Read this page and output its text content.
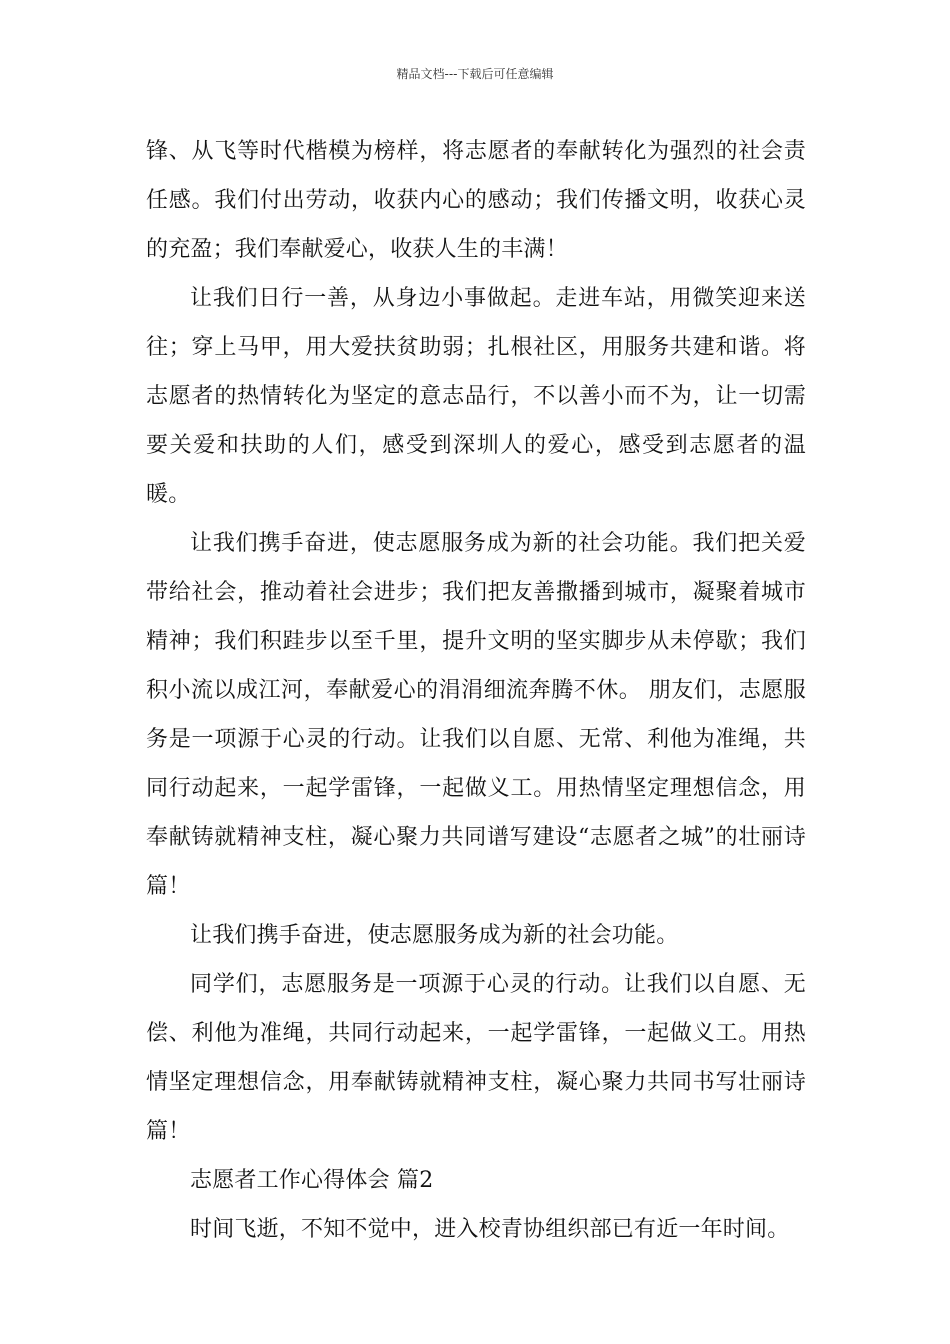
精品文档---下载后可任意编辑

锋、从飞等时代楷模为榜样，将志愿者的奉献转化为强烈的社会责任感。我们付出劳动，收获内心的感动；我们传播文明，收获心灵的充盈；我们奉献爱心，收获人生的丰满！

让我们日行一善，从身边小事做起。走进车站，用微笑迎来送往；穿上马甲，用大爱扶贫助弱；扎根社区，用服务共建和谐。将志愿者的热情转化为坚定的意志品行，不以善小而不为，让一切需要关爱和扶助的人们，感受到深圳人的爱心，感受到志愿者的温暖。

让我们携手奋进，使志愿服务成为新的社会功能。我们把关爱带给社会，推动着社会进步；我们把友善撒播到城市，凝聚着城市精神；我们积跬步以至千里，提升文明的坚实脚步从未停歇；我们积小流以成江河，奉献爱心的涓涓细流奔腾不休。 朋友们，志愿服务是一项源于心灵的行动。让我们以自愿、无常、利他为准绳，共同行动起来，一起学雷锋，一起做义工。用热情坚定理想信念，用奉献铸就精神支柱，凝心聚力共同谱写建设“志愿者之城”的壮丽诗篇！

让我们携手奋进，使志愿服务成为新的社会功能。

同学们，志愿服务是一项源于心灵的行动。让我们以自愿、无偿、利他为准绳，共同行动起来，一起学雷锋，一起做义工。用热情坚定理想信念，用奉献铸就精神支柱，凝心聚力共同书写壮丽诗篇！

志愿者工作心得体会 篇2

时间飞逝，不知不觉中，进入校青协组织部已有近一年时间。
